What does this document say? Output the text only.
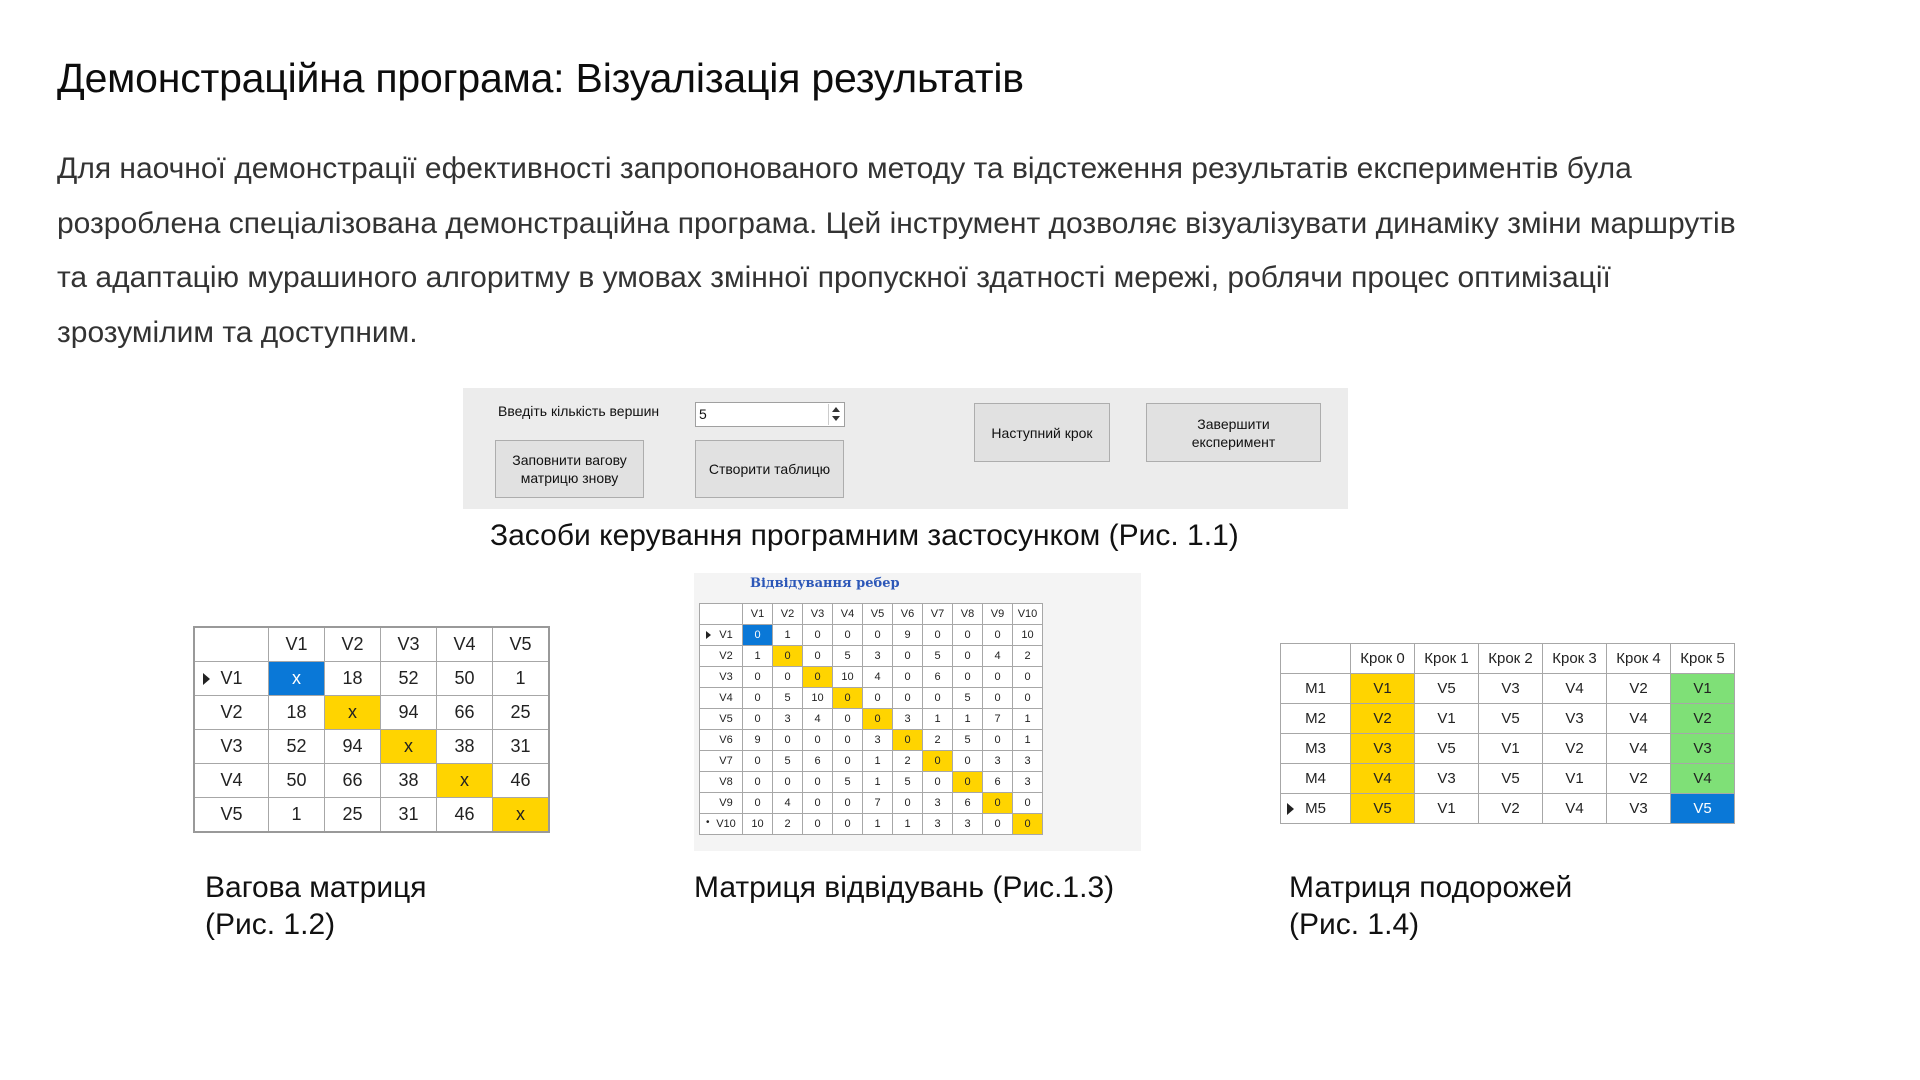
Демонстраційна програма: Візуалізація результатів

Для наочної демонстрації ефективності запропонованого методу та відстеження результатів експериментів була

розроблена спеціалізована демонстраційна програма. Цей інструмент дозволяє візуалізувати динаміку зміни маршрутів

та адаптацію мурашиного алгоритму в умовах змінної пропускної здатності мережі, роблячи процес оптимізації

зрозумілим та доступним.

Введіть кількість вершин	5
Заповнити вагову матрицю знову
Створити таблицю
Наступний крок
Завершити експеримент
Засоби керування програмним застосунком (Рис. 1.1)
	V1	V2	V3	V4	V5

V1	x	18	52	50	1
V2	18	x	94	66	25
V3	52	94	x	38	31
V4	50	66	38	x	46
V5	1	25	31	46	x
Вагова матриця
(Рис. 1.2)
Відвідування ребер
	V1	V2	V3	V4	V5	V6	V7	V8	V9	V10

V1	0	1	0	0	0	9	0	0	0	10
V2	1	0	0	5	3	0	5	0	4	2
V3	0	0	0	10	4	0	6	0	0	0
V4	0	5	10	0	0	0	0	5	0	0
V5	0	3	4	0	0	3	1	1	7	1
V6	9	0	0	0	3	0	2	5	0	1
V7	0	5	6	0	1	2	0	0	3	3
V8	0	0	0	5	1	5	0	0	6	3
V9	0	4	0	0	7	0	3	6	0	0

• V10	10	2	0	0	1	1	3	3	0	0
Матриця відвідувань (Рис.1.3)
	Крок 0	Крок 1	Крок 2	Крок 3	Крок 4	Крок 5
M1	V1	V5	V3	V4	V2	V1
M2	V2	V1	V5	V3	V4	V2
M3	V3	V5	V1	V2	V4	V3
M4	V4	V3	V5	V1	V2	V4

M5	V5	V1	V2	V4	V3	V5
Матриця подорожей
(Рис. 1.4)
